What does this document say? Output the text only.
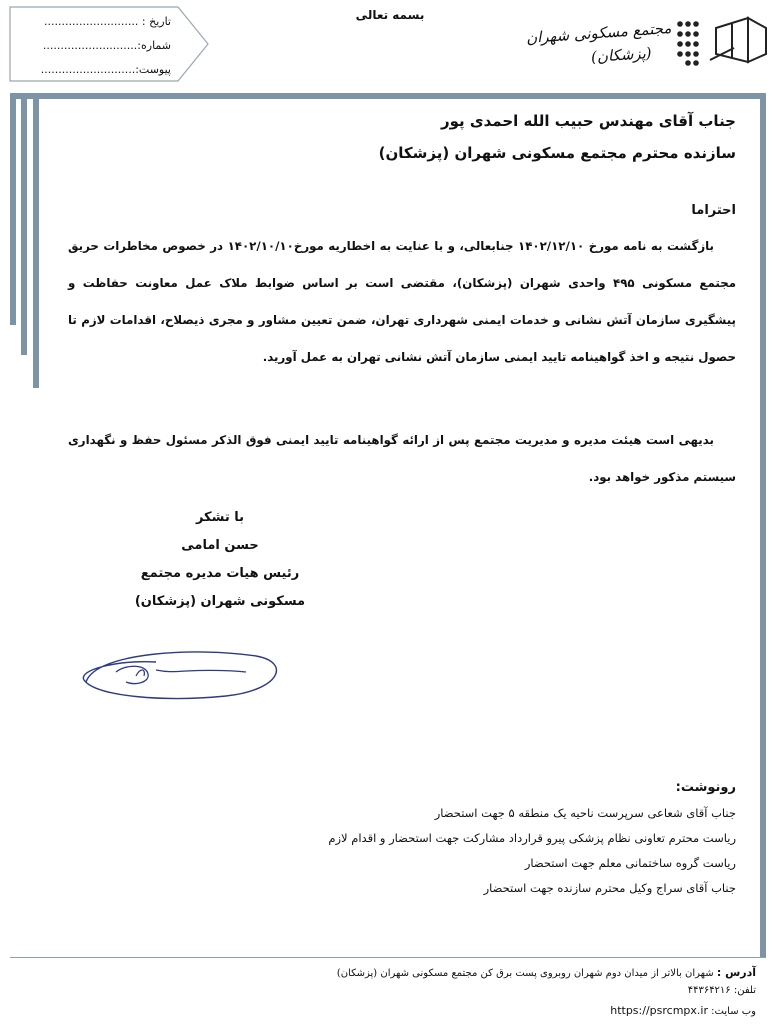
تاریخ : ...........................
شماره:...........................
پیوست:...........................
بسمه تعالی
مجتمع مسکونی شهران
(پزشکان)
جناب آقای مهندس حبیب الله احمدی پور
سازنده محترم مجتمع مسکونی شهران (پزشکان)
احتراما
بازگشت به نامه مورخ ۱۴۰۲/۱۲/۱۰ جنابعالی، و با عنایت به اخطاریه مورخ۱۴۰۲/۱۰/۱۰ در خصوص مخاطرات حریق مجتمع مسکونی ۴۹۵ واحدی شهران (پزشکان)، مقتضی است بر اساس ضوابط ملاک عمل معاونت حفاظت و پیشگیری سازمان آتش نشانی و خدمات ایمنی شهرداری تهران، ضمن تعیین مشاور و مجری ذیصلاح، اقدامات لازم تا حصول نتیجه و اخذ گواهینامه تایید ایمنی سازمان آتش نشانی تهران به عمل آورید.
بدیهی است هیئت مدیره و مدیریت مجتمع پس از ارائه گواهینامه تایید ایمنی فوق الذکر مسئول حفظ و نگهداری سیستم مذکور خواهد بود.
با تشکر
حسن امامی
رئیس هیات مدیره مجتمع
مسکونی شهران (پزشکان)
رونوشت:
جناب آقای شعاعی سرپرست ناحیه یک منطقه ۵ جهت استحضار
ریاست محترم تعاونی نظام پزشکی پیرو قرارداد مشارکت جهت استحضار و اقدام لازم
ریاست گروه ساختمانی معلم جهت استحضار
جناب آقای سراج وکیل محترم سازنده جهت استحضار
آدرس : شهران بالاتر از میدان دوم شهران روبروی پست برق کن مجتمع مسکونی شهران (پزشکان)
تلفن: ۴۴۳۶۴۲۱۶
وب سایت: https://psrcmpx.ir
